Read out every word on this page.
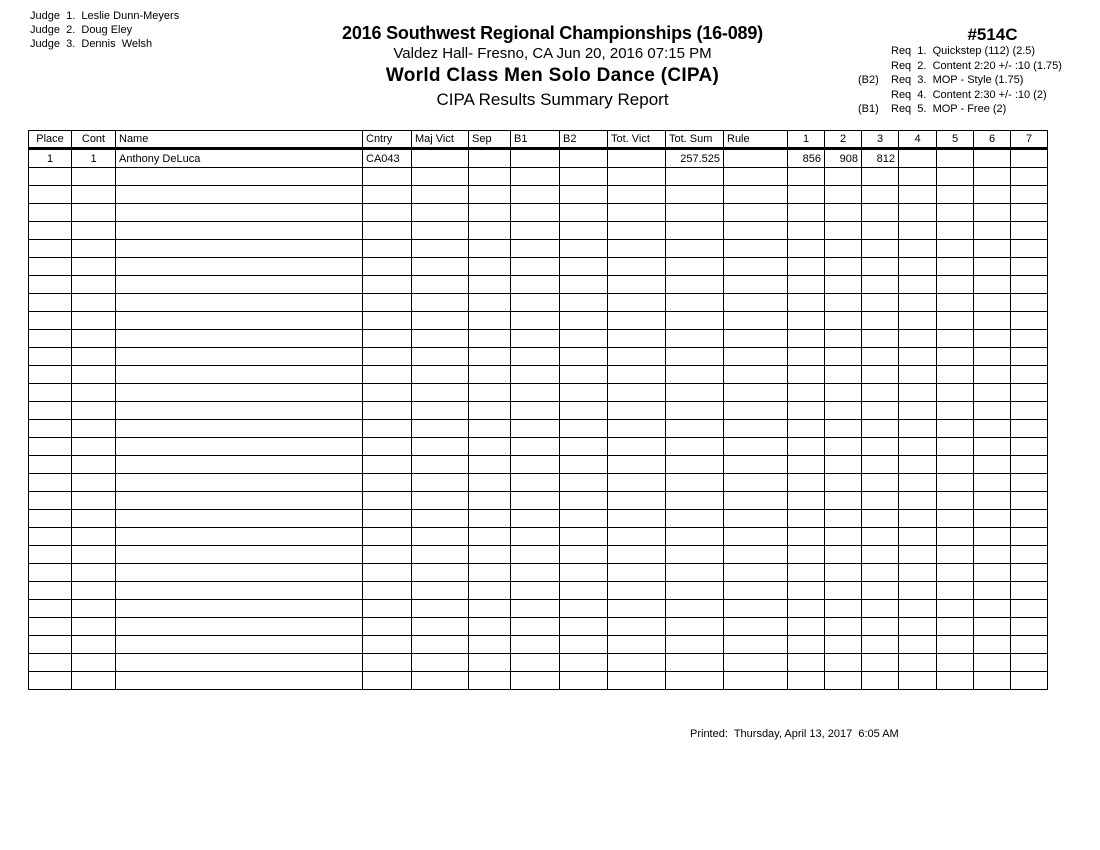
Judge  1.  Leslie Dunn-Meyers
Judge  2.  Doug Eley
Judge  3.  Dennis  Welsh
2016 Southwest Regional Championships (16-089)
Valdez Hall- Fresno, CA Jun 20, 2016 07:15 PM
World Class Men Solo Dance (CIPA)
CIPA Results Summary Report
#514C
Req  1.  Quickstep (112) (2.5)
Req  2.  Content 2:20 +/- :10 (1.75)
(B2)	Req  3.  MOP - Style (1.75)
Req  4.  Content 2:30 +/- :10 (2)
(B1)	Req  5.  MOP - Free (2)
Place	Cont	Name	Cntry	Maj Vict	Sep	B1	B2	Tot. Vict	Tot. Sum	Rule	1	2	3	4	5	6	7
1	1	Anthony DeLuca	CA043						257.525		856	908	812				

Printed:  Thursday, April 13, 2017  6:05 AM
